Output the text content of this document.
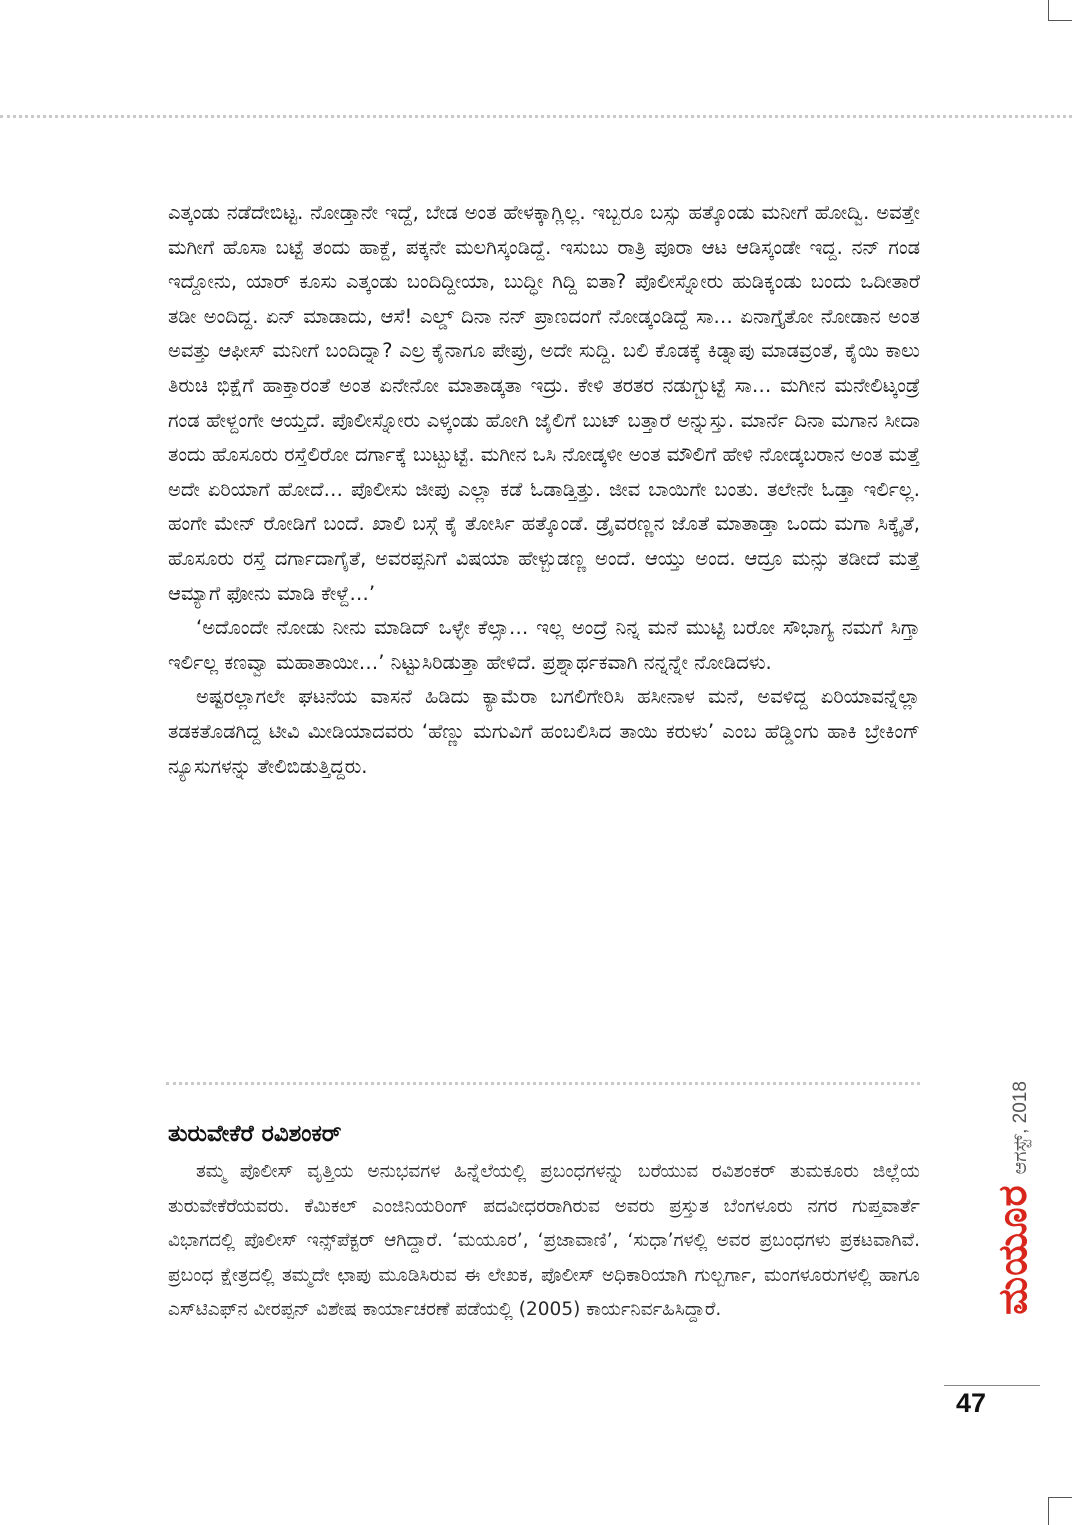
ಎತ್ಕಂಡು ನಡೆದೇಬಿಟ್ಟ. ನೋಡ್ತಾನೇ ಇದ್ದೆ, ಬೇಡ ಅಂತ ಹೇಳಕ್ಕಾಗ್ಲಿಲ್ಲ. ಇಬ್ಬರೂ ಬಸ್ಸು ಹತ್ಕೊಂಡು ಮನೀಗೆ ಹೋದ್ವಿ. ಅವತ್ತೇ ಮಗೀಗೆ ಹೊಸಾ ಬಟ್ಟೆ ತಂದು ಹಾಕ್ದೆ, ಪಕ್ಕನೇ ಮಲಗಿಸ್ಕಂಡಿದ್ದೆ. ಇಸುಬು ರಾತ್ರಿ ಪೂರಾ ಆಟ ಆಡಿಸ್ಕಂಡೇ ಇದ್ದ. ನನ್ ಗಂಡ ಇದ್ದೋನು, ಯಾರ್ ಕೂಸು ಎತ್ಕಂಡು ಬಂದಿದ್ದೀಯಾ, ಬುದ್ಧೀ ಗಿದ್ದಿ ಐತಾ? ಪೊಲೀಸ್ನೋರು ಹುಡಿಕ್ಕಂಡು ಬಂದು ಒದೀತಾರೆ ತಡೀ ಅಂದಿದ್ದ. ಏನ್ ಮಾಡಾದು, ಆಸೆ! ಎಲ್ಡ್ ದಿನಾ ನನ್ ಪ್ರಾಣದಂಗೆ ನೋಡ್ಕಂಡಿದ್ದೆ ಸಾ… ಏನಾಗ್ತೈತೋ ನೋಡಾನ ಅಂತ ಅವತ್ತು ಆಫೀಸ್ ಮನೀಗೆ ಬಂದಿದ್ನಾ? ಎಲ್ರ ಕೈನಾಗೂ ಪೇಪ್ರು, ಅದೇ ಸುದ್ದಿ. ಬಲಿ ಕೊಡಕ್ಕೆ ಕಿಡ್ನಾಪು ಮಾಡವ್ರಂತೆ, ಕೈಯಿ ಕಾಲು ತಿರುಚಿ ಭಿಕ್ಷೆಗೆ ಹಾಕ್ತಾರಂತೆ ಅಂತ ಏನೇನೋ ಮಾತಾಡ್ಕತಾ ಇದ್ರು. ಕೇಳಿ ತರತರ ನಡುಗ್ಬುಟ್ಟೆ ಸಾ… ಮಗೀನ ಮನೇಲಿಟ್ಕಂಡ್ರೆ ಗಂಡ ಹೇಳ್ದಂಗೇ ಆಯ್ತದೆ. ಪೊಲೀಸ್ನೋರು ಎಳ್ಕಂಡು ಹೋಗಿ ಜೈಲಿಗೆ ಬುಟ್ ಬತ್ತಾರೆ ಅನ್ನುಸ್ತು. ಮಾರ್ನೆ ದಿನಾ ಮಗಾನ ಸೀದಾ ತಂದು ಹೊಸೂರು ರಸ್ತೆಲಿರೋ ದರ್ಗಾಕ್ಕೆ ಬುಟ್ಬುಟ್ಟೆ. ಮಗೀನ ಒಸಿ ನೋಡ್ಕಳೀ ಅಂತ ಮೌಲಿಗೆ ಹೇಳಿ ನೋಡ್ಕಬರಾನ ಅಂತ ಮತ್ತೆ ಅದೇ ಏರಿಯಾಗೆ ಹೋದೆ… ಪೊಲೀಸು ಜೀಪು ಎಲ್ಲಾ ಕಡೆ ಓಡಾಡ್ತಿತ್ತು. ಜೀವ ಬಾಯಿಗೇ ಬಂತು. ತಲೇನೇ ಓಡ್ತಾ ಇರ್ಲಿಲ್ಲ. ಹಂಗೇ ಮೇನ್ ರೋಡಿಗೆ ಬಂದೆ. ಖಾಲಿ ಬಸ್ಗೆ ಕೈ ತೋರ್ಸಿ ಹತ್ಕೊಂಡೆ. ಡ್ರೈವರಣ್ಣನ ಜೊತೆ ಮಾತಾಡ್ತಾ ಒಂದು ಮಗಾ ಸಿಕ್ಕೈತೆ, ಹೊಸೂರು ರಸ್ತೆ ದರ್ಗಾದಾಗೈತೆ, ಅವರಪ್ಪನಿಗೆ ವಿಷಯಾ ಹೇಳ್ಬುಡಣ್ಣ ಅಂದೆ. ಆಯ್ತು ಅಂದ. ಆದ್ರೂ ಮನ್ಸು ತಡೀದೆ ಮತ್ತೆ ಆಮ್ಯಾಗೆ ಫೋನು ಮಾಡಿ ಕೇಳ್ದೆ…’

‘ಅದೊಂದೇ ನೋಡು ನೀನು ಮಾಡಿದ್ ಒಳ್ಳೇ ಕೆಲ್ಸಾ… ಇಲ್ಲ ಅಂದ್ರೆ ನಿನ್ನ ಮನೆ ಮುಟ್ಟಿ ಬರೋ ಸೌಭಾಗ್ಯ ನಮಗೆ ಸಿಗ್ತಾ ಇರ್ಲಿಲ್ಲ ಕಣವ್ವಾ ಮಹಾತಾಯೀ…’ ನಿಟ್ಟುಸಿರಿಡುತ್ತಾ ಹೇಳಿದೆ. ಪ್ರಶ್ನಾರ್ಥಕವಾಗಿ ನನ್ನನ್ನೇ ನೋಡಿದಳು.

ಅಷ್ಟರಲ್ಲಾಗಲೇ ಘಟನೆಯ ವಾಸನೆ ಹಿಡಿದು ಕ್ಯಾಮೆರಾ ಬಗಲಿಗೇರಿಸಿ ಹಸೀನಾಳ ಮನೆ, ಅವಳಿದ್ದ ಏರಿಯಾವನ್ನೆಲ್ಲಾ ತಡಕತೊಡಗಿದ್ದ ಟೀವಿ ಮೀಡಿಯಾದವರು ‘ಹೆಣ್ಣು ಮಗುವಿಗೆ ಹಂಬಲಿಸಿದ ತಾಯಿ ಕರುಳು’ ಎಂಬ ಹೆಡ್ಡಿಂಗು ಹಾಕಿ ಬ್ರೇಕಿಂಗ್ ನ್ಯೂಸುಗಳನ್ನು ತೇಲಿಬಿಡುತ್ತಿದ್ದರು.

ತುರುವೇಕೆರೆ ರವಿಶಂಕರ್

ತಮ್ಮ ಪೊಲೀಸ್ ವೃತ್ತಿಯ ಅನುಭವಗಳ ಹಿನ್ನೆಲೆಯಲ್ಲಿ ಪ್ರಬಂಧಗಳನ್ನು ಬರೆಯುವ ರವಿಶಂಕರ್ ತುಮಕೂರು ಜಿಲ್ಲೆಯ ತುರುವೇಕೆರೆಯವರು. ಕೆಮಿಕಲ್ ಎಂಜಿನಿಯರಿಂಗ್ ಪದವೀಧರರಾಗಿರುವ ಅವರು ಪ್ರಸ್ತುತ ಬೆಂಗಳೂರು ನಗರ ಗುಪ್ತವಾರ್ತೆ ವಿಭಾಗದಲ್ಲಿ ಪೊಲೀಸ್ ಇನ್ಸ್‌ಪೆಕ್ಟರ್ ಆಗಿದ್ದಾರೆ. ‘ಮಯೂರ’, ‘ಪ್ರಜಾವಾಣಿ’, ‘ಸುಧಾ’ಗಳಲ್ಲಿ ಅವರ ಪ್ರಬಂಧಗಳು ಪ್ರಕಟವಾಗಿವೆ. ಪ್ರಬಂಧ ಕ್ಷೇತ್ರದಲ್ಲಿ ತಮ್ಮದೇ ಛಾಪು ಮೂಡಿಸಿರುವ ಈ ಲೇಖಕ, ಪೊಲೀಸ್ ಅಧಿಕಾರಿಯಾಗಿ ಗುಲ್ಬರ್ಗಾ, ಮಂಗಳೂರುಗಳಲ್ಲಿ ಹಾಗೂ ಎಸ್‌ಟಿಎಫ್‌ನ ವೀರಪ್ಪನ್ ವಿಶೇಷ ಕಾರ್ಯಾಚರಣೆ ಪಡೆಯಲ್ಲಿ (2005) ಕಾರ್ಯನಿರ್ವಹಿಸಿದ್ದಾರೆ.	ಮಯೂರ
ಆಗಸ್ಟ್, 2018
47
